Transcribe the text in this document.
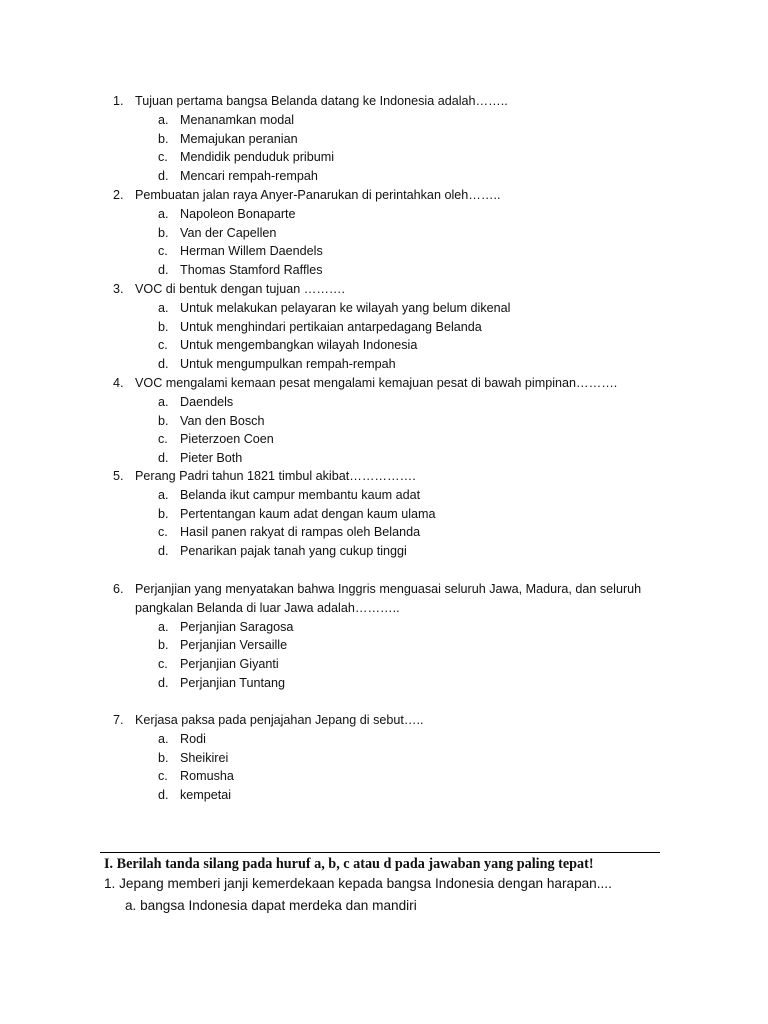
1. Tujuan pertama bangsa Belanda datang ke Indonesia adalah……..
a. Menanamkan modal
b. Memajukan peranian
c. Mendidik penduduk pribumi
d. Mencari rempah-rempah
2. Pembuatan jalan raya Anyer-Panarukan di perintahkan oleh……..
a. Napoleon Bonaparte
b. Van der Capellen
c. Herman Willem Daendels
d. Thomas Stamford Raffles
3. VOC di bentuk dengan tujuan ……….
a. Untuk melakukan pelayaran ke wilayah yang belum dikenal
b. Untuk menghindari pertikaian antarpedagang Belanda
c. Untuk mengembangkan wilayah Indonesia
d. Untuk mengumpulkan rempah-rempah
4. VOC mengalami kemaan pesat mengalami kemajuan pesat di bawah pimpinan……….
a. Daendels
b. Van den Bosch
c. Pieterzoen Coen
d. Pieter Both
5. Perang Padri tahun 1821 timbul akibat…………….
a. Belanda ikut campur membantu kaum adat
b. Pertentangan kaum adat dengan kaum ulama
c. Hasil panen rakyat di rampas oleh Belanda
d. Penarikan pajak tanah yang cukup tinggi
6. Perjanjian yang menyatakan bahwa Inggris menguasai seluruh Jawa, Madura, dan seluruh pangkalan Belanda di luar Jawa adalah………..
a. Perjanjian Saragosa
b. Perjanjian Versaille
c. Perjanjian Giyanti
d. Perjanjian Tuntang
7. Kerjasa paksa pada penjajahan Jepang di sebut…..
a. Rodi
b. Sheikirei
c. Romusha
d. kempetai
I. Berilah tanda silang pada huruf a, b, c atau d pada jawaban yang paling tepat!
1. Jepang memberi janji kemerdekaan kepada bangsa Indonesia dengan harapan....
a. bangsa Indonesia dapat merdeka dan mandiri
